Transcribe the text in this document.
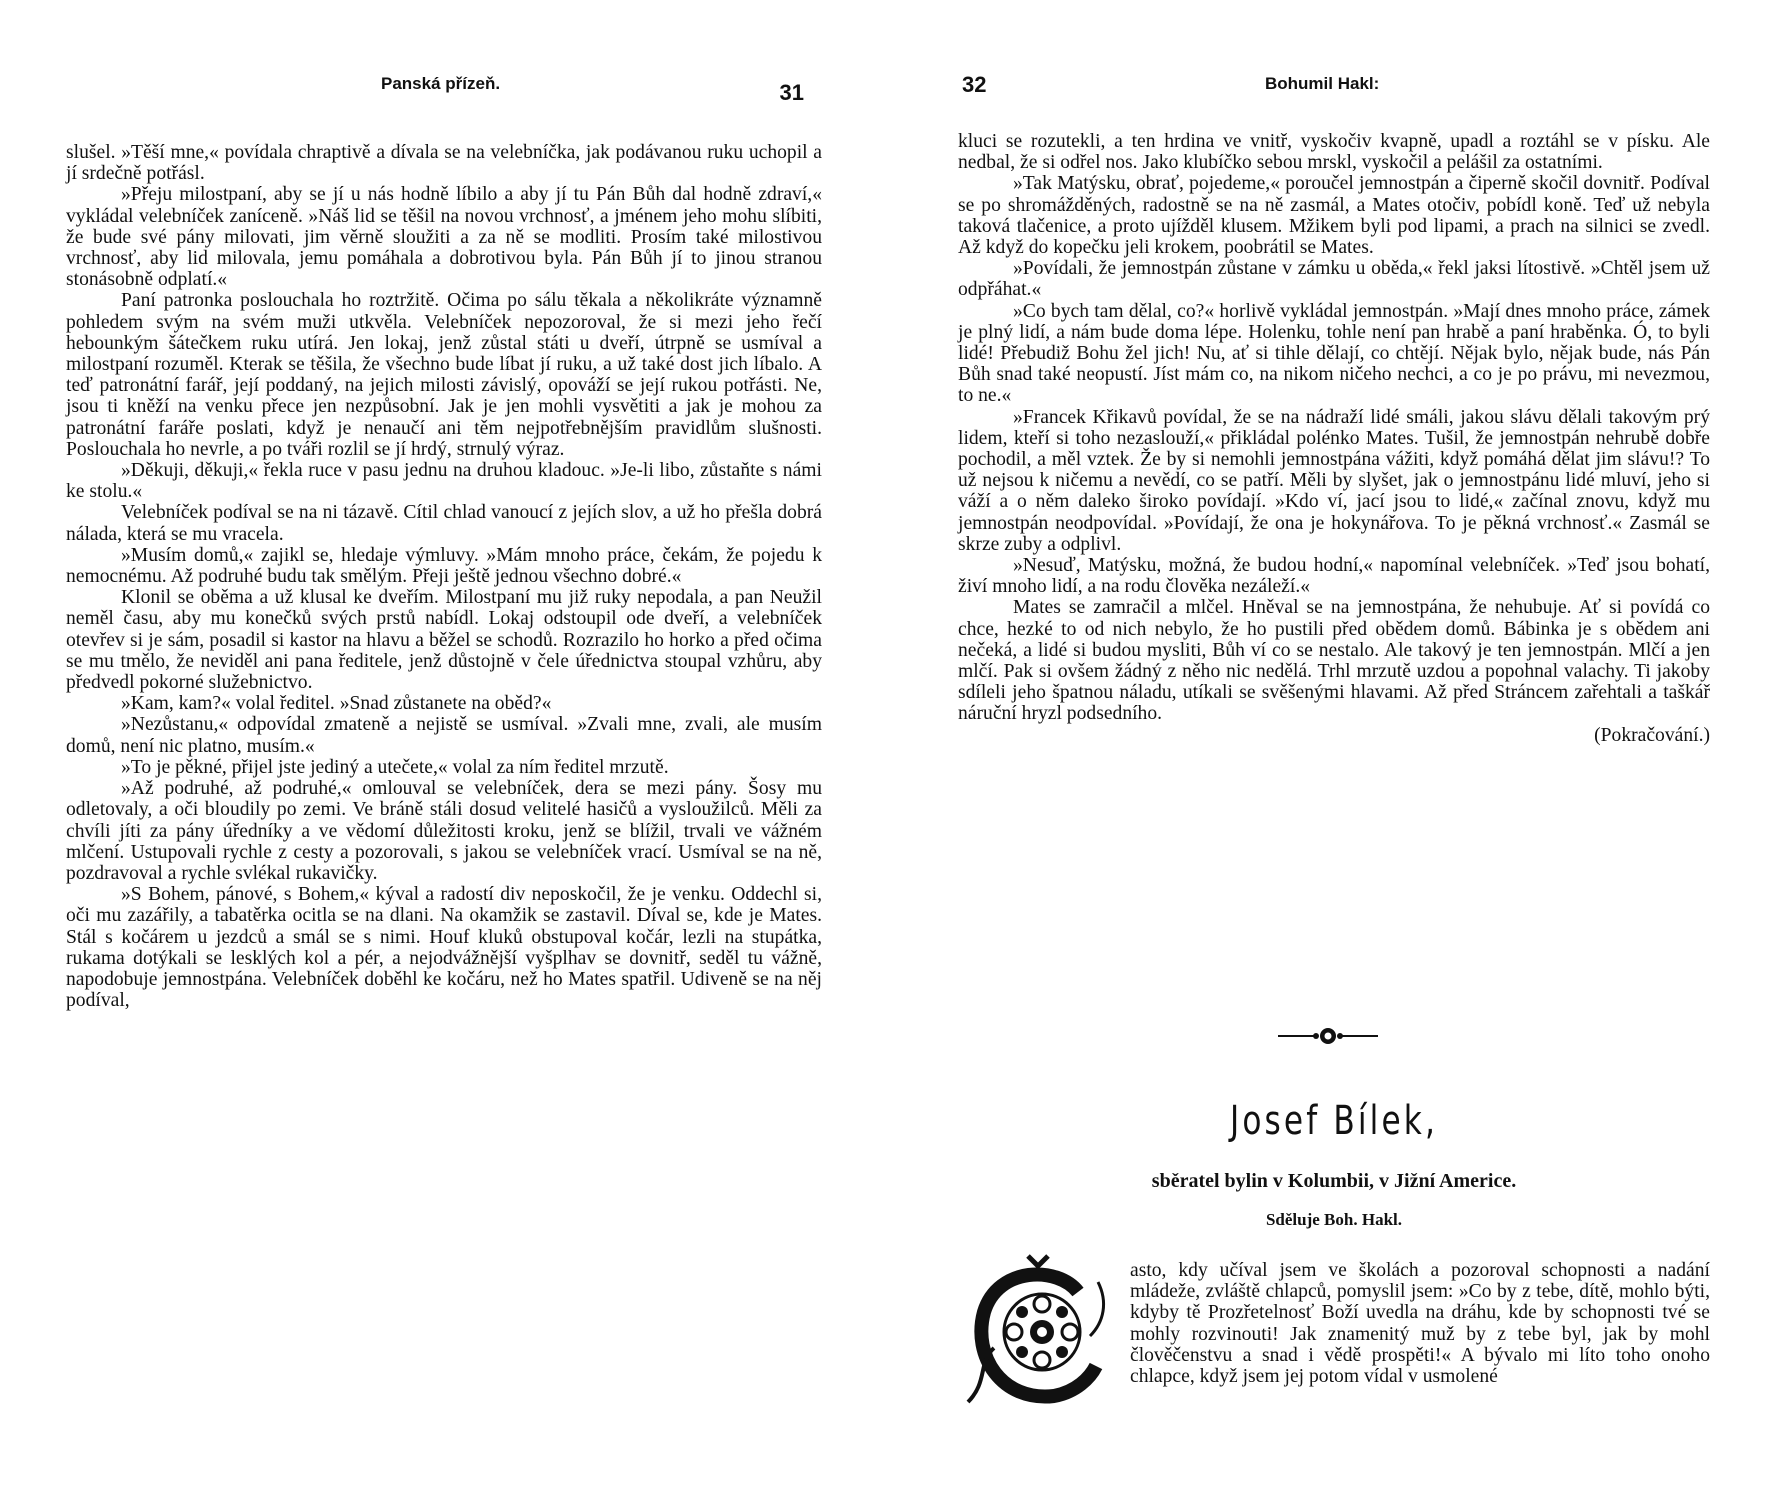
Panská přízeň.	31

slušel. »Těší mne,« povídala chraptivě a dívala se na velebníčka, jak podávanou ruku uchopil a jí srdečně potřásl.

»Přeju milostpaní, aby se jí u nás hodně líbilo a aby jí tu Pán Bůh dal hodně zdraví,« vykládal velebníček zaníceně. »Náš lid se těšil na novou vrchnosť, a jménem jeho mohu slíbiti, že bude své pány milovati, jim věrně sloužiti a za ně se modliti. Prosím také milostivou vrchnosť, aby lid milovala, jemu pomáhala a dobrotivou byla. Pán Bůh jí to jinou stranou stonásobně odplatí.«

Paní patronka poslouchala ho roztržitě. Očima po sálu těkala a několikráte významně pohledem svým na svém muži utkvěla. Velebníček nepozoroval, že si mezi jeho řečí hebounkým šátečkem ruku utírá. Jen lokaj, jenž zůstal státi u dveří, útrpně se usmíval a milostpaní rozuměl. Kterak se těšila, že všechno bude líbat jí ruku, a už také dost jich líbalo. A teď patronátní farář, její poddaný, na jejich milosti závislý, opováží se její rukou potřásti. Ne, jsou ti kněží na venku přece jen nezpůsobní. Jak je jen mohli vysvětiti a jak je mohou za patronátní faráře poslati, když je nenaučí ani těm nejpotřebnějším pravidlům slušnosti. Poslouchala ho nevrle, a po tváři rozlil se jí hrdý, strnulý výraz.

»Děkuji, děkuji,« řekla ruce v pasu jednu na druhou kladouc. »Je-li libo, zůstaňte s námi ke stolu.«

Velebníček podíval se na ni tázavě. Cítil chlad vanoucí z jejích slov, a už ho přešla dobrá nálada, která se mu vracela.

»Musím domů,« zajikl se, hledaje výmluvy. »Mám mnoho práce, čekám, že pojedu k nemocnému. Až podruhé budu tak smělým. Přeji ještě jednou všechno dobré.«

Klonil se oběma a už klusal ke dveřím. Milostpaní mu již ruky nepodala, a pan Neužil neměl času, aby mu konečků svých prstů nabídl. Lokaj odstoupil ode dveří, a velebníček otevřev si je sám, posadil si kastor na hlavu a běžel se schodů. Rozrazilo ho horko a před očima se mu tmělo, že neviděl ani pana ředitele, jenž důstojně v čele úřednictva stoupal vzhůru, aby předvedl pokorné služebnictvo.

»Kam, kam?« volal ředitel. »Snad zůstanete na oběd?«

»Nezůstanu,« odpovídal zmateně a nejistě se usmíval. »Zvali mne, zvali, ale musím domů, není nic platno, musím.«

»To je pěkné, přijel jste jediný a utečete,« volal za ním ředitel mrzutě.

»Až podruhé, až podruhé,« omlouval se velebníček, dera se mezi pány. Šosy mu odletovaly, a oči bloudily po zemi. Ve bráně stáli dosud velitelé hasičů a vysloužilců. Měli za chvíli jíti za pány úředníky a ve vědomí důležitosti kroku, jenž se blížil, trvali ve vážném mlčení. Ustupovali rychle z cesty a pozorovali, s jakou se velebníček vrací. Usmíval se na ně, pozdravoval a rychle svlékal rukavičky.

»S Bohem, pánové, s Bohem,« kýval a radostí div neposkočil, že je venku. Oddechl si, oči mu zazářily, a tabatěrka ocitla se na dlani. Na okamžik se zastavil. Díval se, kde je Mates. Stál s kočárem u jezdců a smál se s nimi. Houf kluků obstupoval kočár, lezli na stupátka, rukama dotýkali se lesklých kol a pér, a nejodvážnější vyšplhav se dovnitř, seděl tu vážně, napodobuje jemnostpána. Velebníček doběhl ke kočáru, než ho Mates spatřil. Udiveně se na něj podíval,

32	Bohumil Hakl:

kluci se rozutekli, a ten hrdina ve vnitř, vyskočiv kvapně, upadl a roztáhl se v písku. Ale nedbal, že si odřel nos. Jako klubíčko sebou mrskl, vyskočil a pelášil za ostatními.

»Tak Matýsku, obrať, pojedeme,« poroučel jemnostpán a čiperně skočil dovnitř. Podíval se po shromážděných, radostně se na ně zasmál, a Mates otočiv, pobídl koně. Teď už nebyla taková tlačenice, a proto ujížděl klusem. Mžikem byli pod lipami, a prach na silnici se zvedl. Až když do kopečku jeli krokem, poobrátil se Mates.

»Povídali, že jemnostpán zůstane v zámku u oběda,« řekl jaksi lítostivě. »Chtěl jsem už odpřáhat.«

»Co bych tam dělal, co?« horlivě vykládal jemnostpán. »Mají dnes mnoho práce, zámek je plný lidí, a nám bude doma lépe. Holenku, tohle není pan hrabě a paní hraběnka. Ó, to byli lidé! Přebudiž Bohu žel jich! Nu, ať si tihle dělají, co chtějí. Nějak bylo, nějak bude, nás Pán Bůh snad také neopustí. Jíst mám co, na nikom ničeho nechci, a co je po právu, mi nevezmou, to ne.«

»Francek Křikavů povídal, že se na nádraží lidé smáli, jakou slávu dělali takovým prý lidem, kteří si toho nezaslouží,« přikládal polénko Mates. Tušil, že jemnostpán nehrubě dobře pochodil, a měl vztek. Že by si nemohli jemnostpána vážiti, když pomáhá dělat jim slávu!? To už nejsou k ničemu a nevědí, co se patří. Měli by slyšet, jak o jemnostpánu lidé mluví, jeho si váží a o něm daleko široko povídají. »Kdo ví, jací jsou to lidé,« začínal znovu, když mu jemnostpán neodpovídal. »Povídají, že ona je hokynářova. To je pěkná vrchnosť.« Zasmál se skrze zuby a odplivl.

»Nesuď, Matýsku, možná, že budou hodní,« napomínal velebníček. »Teď jsou bohatí, živí mnoho lidí, a na rodu člověka nezáleží.«

Mates se zamračil a mlčel. Hněval se na jemnostpána, že nehubuje. Ať si povídá co chce, hezké to od nich nebylo, že ho pustili před obědem domů. Bábinka je s obědem ani nečeká, a lidé si budou mysliti, Bůh ví co se nestalo. Ale takový je ten jemnostpán. Mlčí a jen mlčí. Pak si ovšem žádný z něho nic nedělá. Trhl mrzutě uzdou a popohnal valachy. Ti jakoby sdíleli jeho špatnou náladu, utíkali se svěšenými hlavami. Až před Stráncem zařehtali a taškář náruční hryzl podsedního.

(Pokračování.)

Josef Bílek,
sběratel bylin v Kolumbii, v Jižní Americe.
Sděluje Boh. Hakl.
asto, kdy učíval jsem ve školách a pozoroval schopnosti a nadání mládeže, zvláště chlapců, pomyslil jsem: »Co by z tebe, dítě, mohlo býti, kdyby tě Prozřetelnosť Boží uvedla na dráhu, kde by schopnosti tvé se mohly rozvinouti! Jak znamenitý muž by z tebe byl, jak by mohl člověčenstvu a snad i vědě prospěti!« A bývalo mi líto toho onoho chlapce, když jsem jej potom vídal v usmolené
